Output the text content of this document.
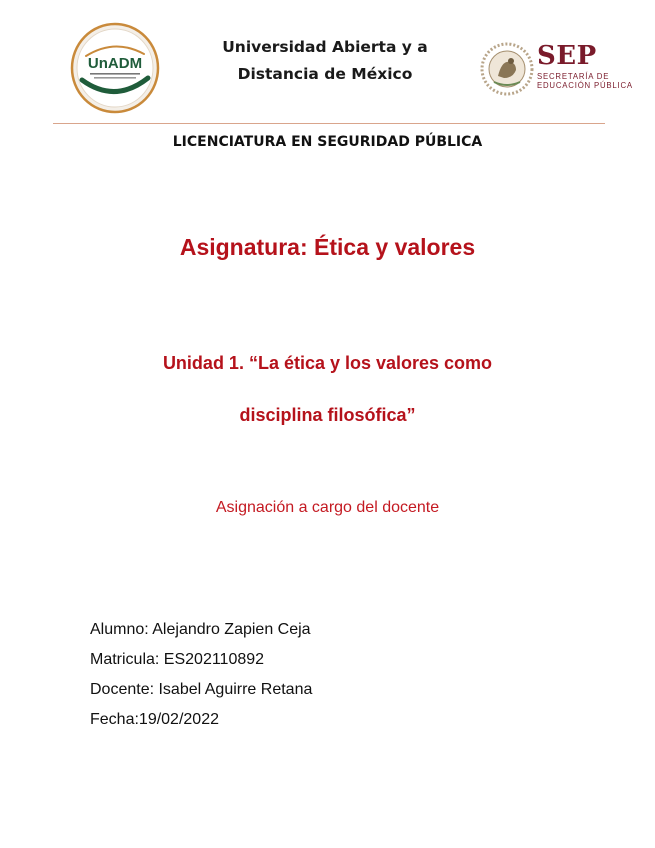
UnADM
Universidad Abierta y a
Distancia de México
SEP
SECRETARÍA DE
EDUCACIÓN PÚBLICA
LICENCIATURA EN SEGURIDAD PÚBLICA
Asignatura: Ética y valores
Unidad 1. “La ética y los valores como
disciplina filosófica”
Asignación a cargo del docente
Alumno: Alejandro Zapien Ceja
Matricula: ES202110892
Docente: Isabel Aguirre Retana
Fecha:19/02/2022
